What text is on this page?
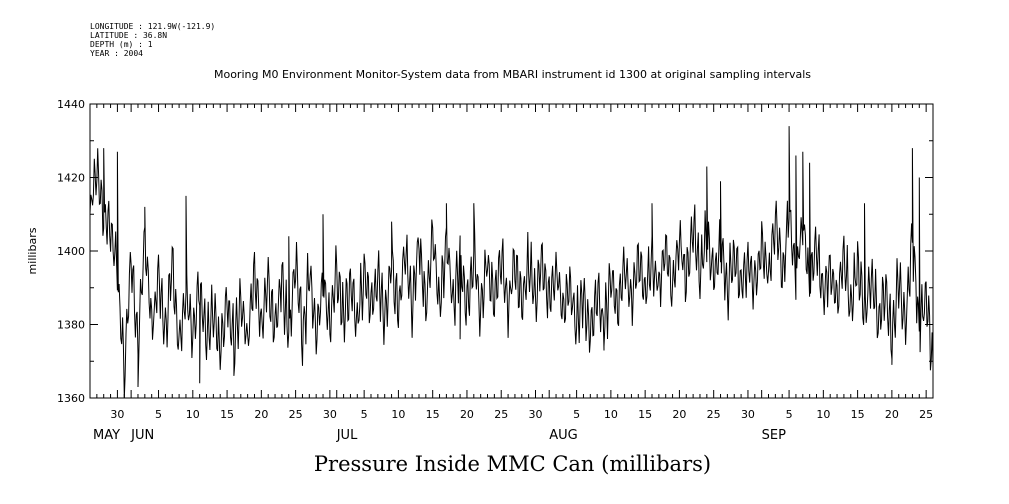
LONGITUDE : 121.9W(-121.9)
LATITUDE : 36.8N
DEPTH (m) : 1
YEAR : 2004
Mooring M0 Environment Monitor-System data from MBARI instrument id 1300 at original sampling intervals
1360
1380
1400
1420
1440
30	5 10 15 20 25 30 5 10 15 20 25 30	5 10 15 20 25 30	5 10 15 20 25
MAY JUN	JUL	AUG	SEP
millibars
Pressure Inside MMC Can (millibars)
